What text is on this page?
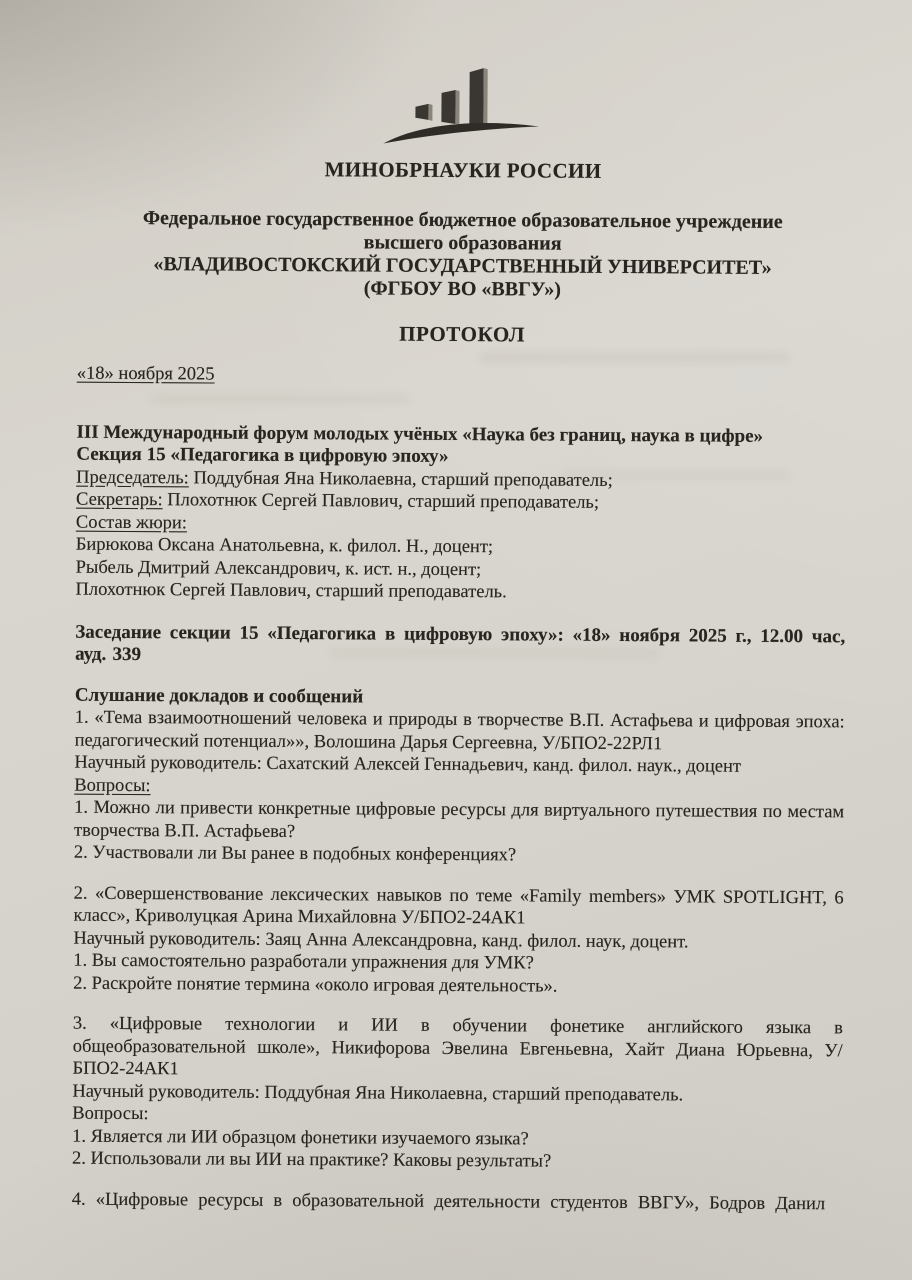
МИНОБРНАУКИ РОССИИ
Федеральное государственное бюджетное образовательное учреждение
высшего образования
«ВЛАДИВОСТОКСКИЙ ГОСУДАРСТВЕННЫЙ УНИВЕРСИТЕТ»
(ФГБОУ ВО «ВВГУ»)
ПРОТОКОЛ

«18» ноября 2025

III Международный форум молодых учёных «Наука без границ, наука в цифре»

Секция 15 «Педагогика в цифровую эпоху»

Председатель: Поддубная Яна Николаевна, старший преподаватель;

Секретарь: Плохотнюк Сергей Павлович, старший преподаватель;

Состав жюри:

Бирюкова Оксана Анатольевна, к. филол. Н., доцент;

Рыбель Дмитрий Александрович, к. ист. н., доцент;

Плохотнюк Сергей Павлович, старший преподаватель.

Заседание секции 15 «Педагогика в цифровую эпоху»: «18» ноября 2025 г., 12.00 час, ауд. 339

Слушание докладов и сообщений

1. «Тема взаимоотношений человека и природы в творчестве В.П. Астафьева и цифровая эпоха: педагогический потенциал»», Волошина Дарья Сергеевна, У/БПО2-22РЛ1

Научный руководитель: Сахатский Алексей Геннадьевич, канд. филол. наук., доцент

Вопросы:

1. Можно ли привести конкретные цифровые ресурсы для виртуального путешествия по местам творчества В.П. Астафьева?

2. Участвовали ли Вы ранее в подобных конференциях?

2. «Совершенствование лексических навыков по теме «Family members» УМК SPOTLIGHT, 6 класс», Криволуцкая Арина Михайловна У/БПО2-24АК1

Научный руководитель: Заяц Анна Александровна, канд. филол. наук, доцент.

1. Вы самостоятельно разработали упражнения для УМК?

2. Раскройте понятие термина «около игровая деятельность».

3. «Цифровые технологии и ИИ в обучении фонетике английского языка в общеобразовательной школе», Никифорова Эвелина Евгеньевна, Хайт Диана Юрьевна, У/БПО2-24АК1

Научный руководитель: Поддубная Яна Николаевна, старший преподаватель.

Вопросы:

1. Является ли ИИ образцом фонетики изучаемого языка?

2. Использовали ли вы ИИ на практике? Каковы результаты?

4. «Цифровые ресурсы в образовательной деятельности студентов ВВГУ», Бодров Данил
